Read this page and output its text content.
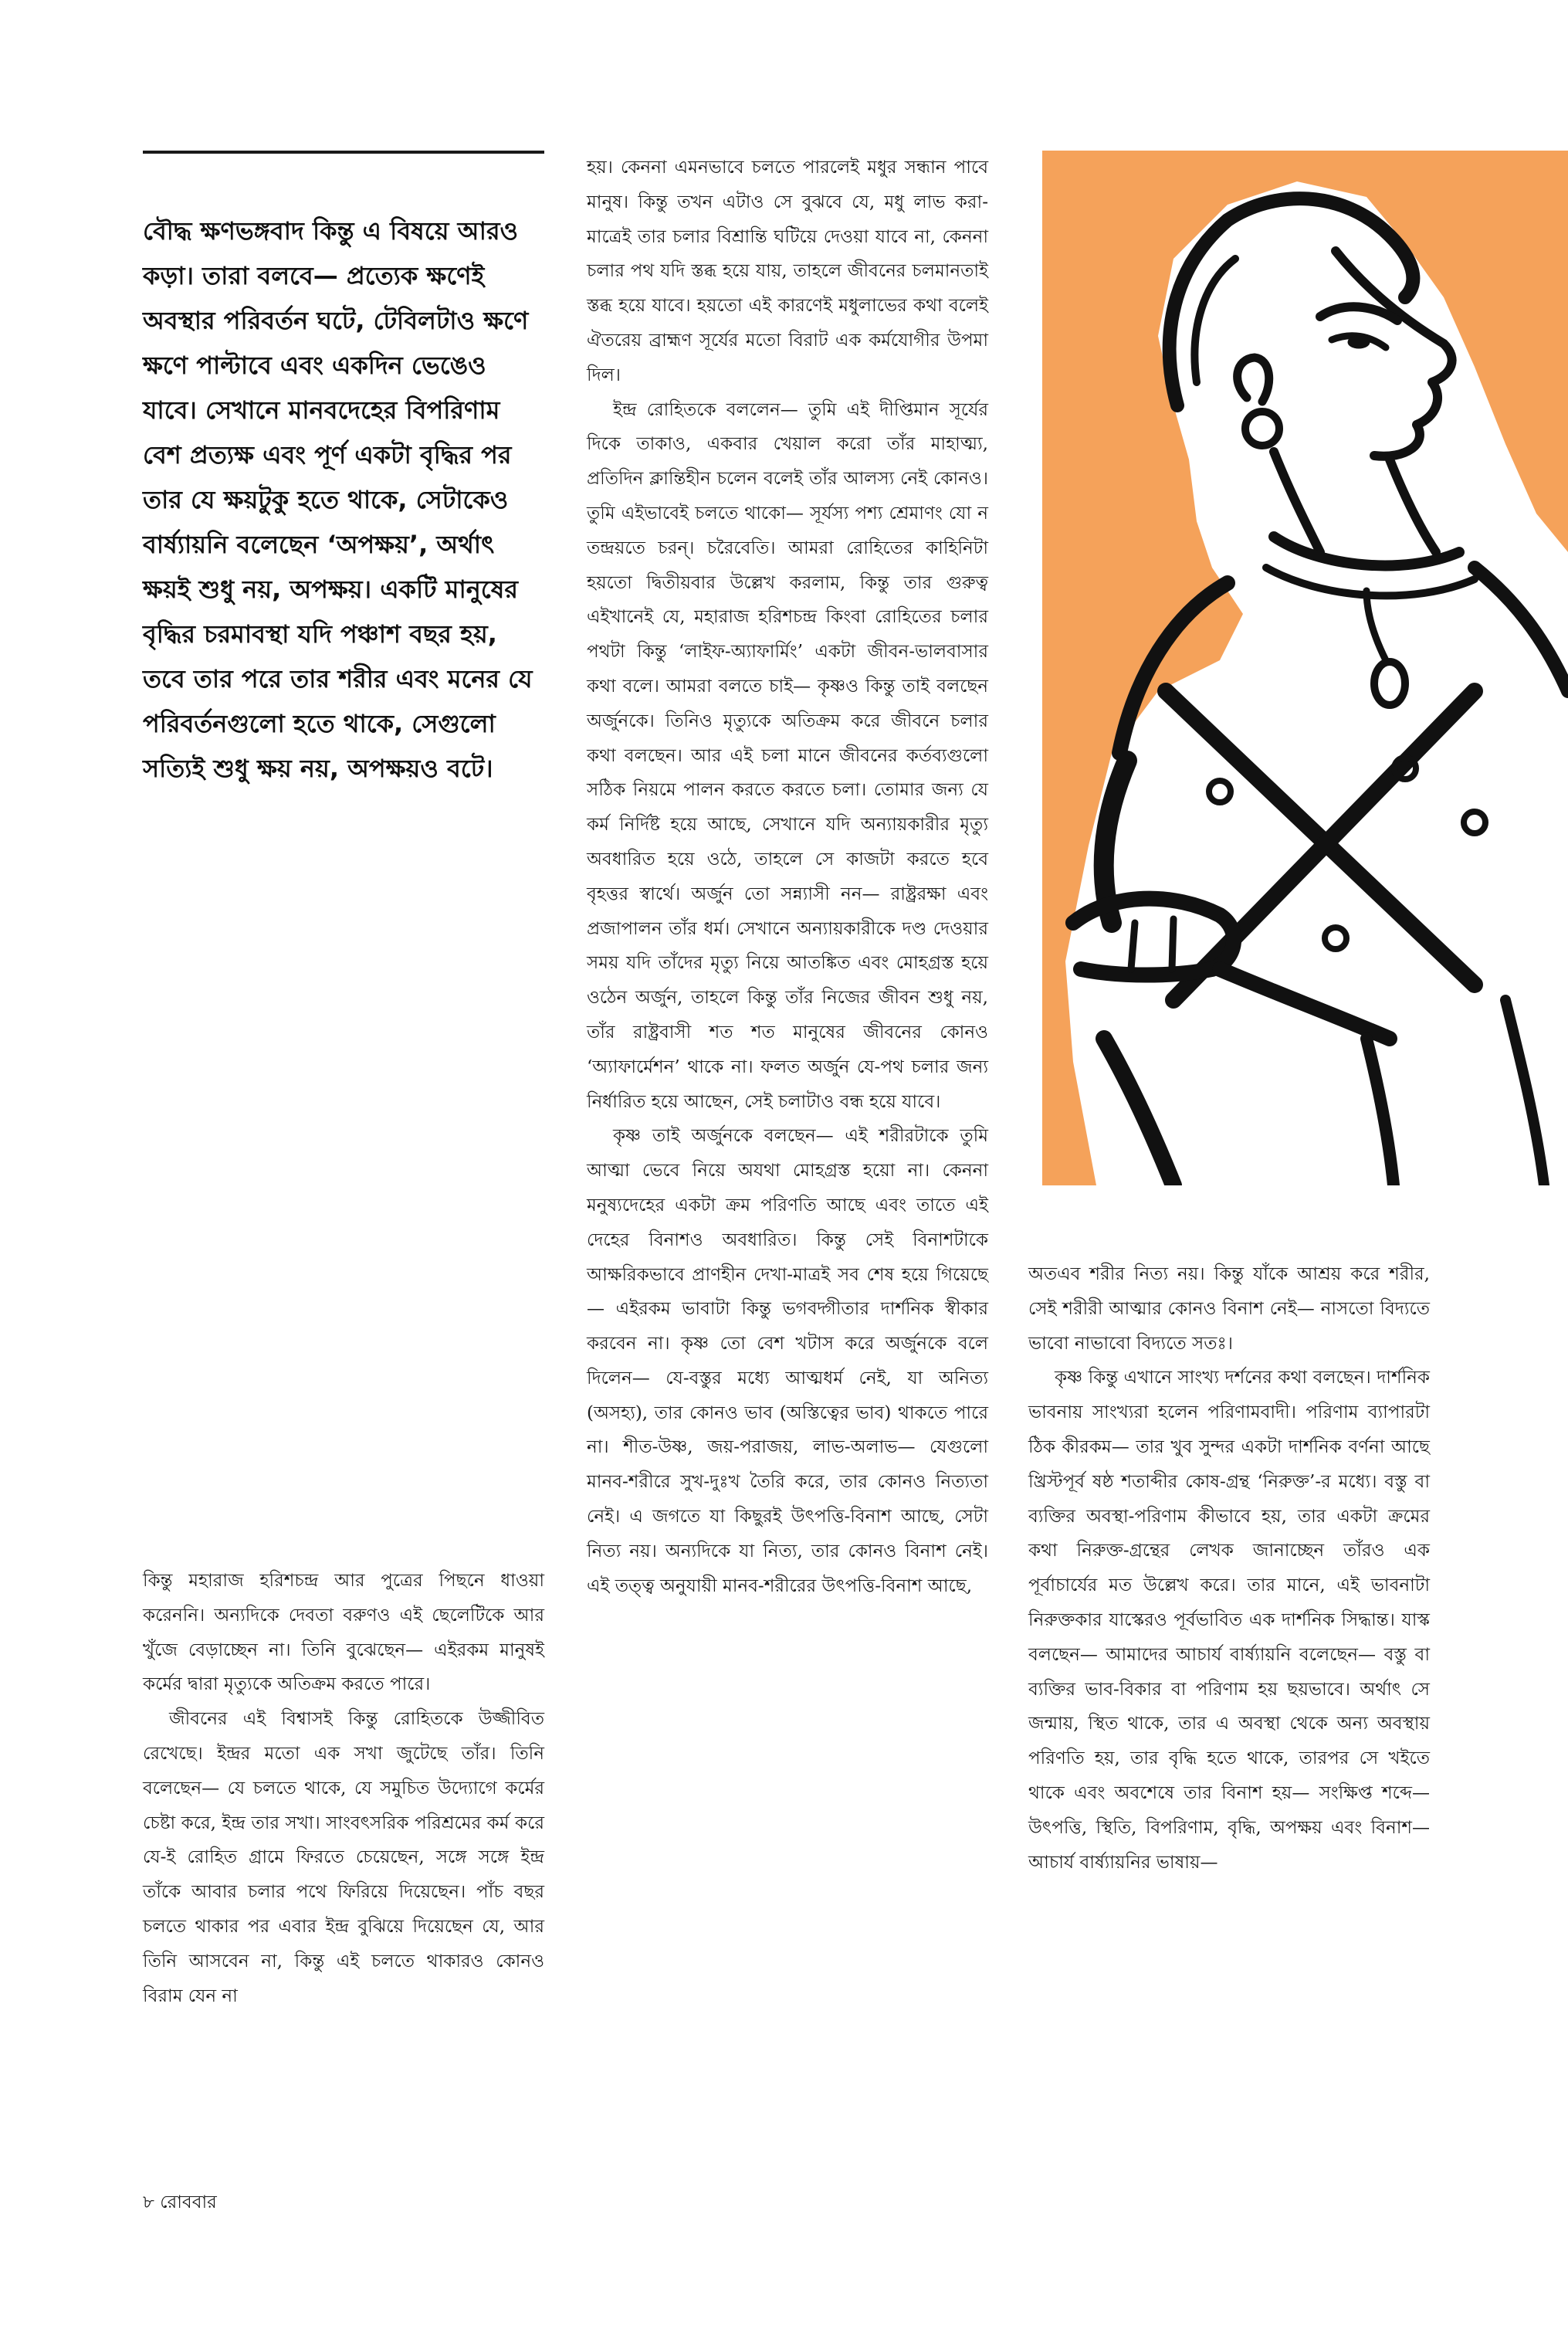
বৌদ্ধ ক্ষণভঙ্গবাদ কিন্তু এ বিষয়ে আরও কড়া। তারা বলবে— প্রত্যেক ক্ষণেই অবস্থার পরিবর্তন ঘটে, টেবিলটাও ক্ষণে ক্ষণে পাল্টাবে এবং একদিন ভেঙেও যাবে। সেখানে মানবদেহের বিপরিণাম বেশ প্রত্যক্ষ এবং পূর্ণ একটা বৃদ্ধির পর তার যে ক্ষয়টুকু হতে থাকে, সেটাকেও বার্ষ্যায়নি বলেছেন ‘অপক্ষয়’, অর্থাৎ ক্ষয়ই শুধু নয়, অপক্ষয়। একটি মানুষের বৃদ্ধির চরমাবস্থা যদি পঞ্চাশ বছর হয়, তবে তার পরে তার শরীর এবং মনের যে পরিবর্তনগুলো হতে থাকে, সেগুলো সত্যিই শুধু ক্ষয় নয়, অপক্ষয়ও বটে।

কিন্তু মহারাজ হরিশচন্দ্র আর পুত্রের পিছনে ধাওয়া করেননি। অন্যদিকে দেবতা বরুণও এই ছেলেটিকে আর খুঁজে বেড়াচ্ছেন না। তিনি বুঝেছেন— এইরকম মানুষই কর্মের দ্বারা মৃত্যুকে অতিক্রম করতে পারে।

জীবনের এই বিশ্বাসই কিন্তু রোহিতকে উজ্জীবিত রেখেছে। ইন্দ্রর মতো এক সখা জুটেছে তাঁর। তিনি বলেছেন— যে চলতে থাকে, যে সমুচিত উদ্যোগে কর্মের চেষ্টা করে, ইন্দ্র তার সখা। সাংবৎসরিক পরিশ্রমের কর্ম করে যে-ই রোহিত গ্রামে ফিরতে চেয়েছেন, সঙ্গে সঙ্গে ইন্দ্র তাঁকে আবার চলার পথে ফিরিয়ে দিয়েছেন। পাঁচ বছর চলতে থাকার পর এবার ইন্দ্র বুঝিয়ে দিয়েছেন যে, আর তিনি আসবেন না, কিন্তু এই চলতে থাকারও কোনও বিরাম যেন না

হয়। কেননা এমনভাবে চলতে পারলেই মধুর সন্ধান পাবে মানুষ। কিন্তু তখন এটাও সে বুঝবে যে, মধু লাভ করা-মাত্রেই তার চলার বিশ্রান্তি ঘটিয়ে দেওয়া যাবে না, কেননা চলার পথ যদি স্তব্ধ হয়ে যায়, তাহলে জীবনের চলমানতাই স্তব্ধ হয়ে যাবে। হয়তো এই কারণেই মধুলাভের কথা বলেই ঐতরেয় ব্রাহ্মণ সূর্যের মতো বিরাট এক কর্মযোগীর উপমা দিল।

ইন্দ্র রোহিতকে বললেন— তুমি এই দীপ্তিমান সূর্যের দিকে তাকাও, একবার খেয়াল করো তাঁর মাহাত্ম্য, প্রতিদিন ক্লান্তিহীন চলেন বলেই তাঁর আলস্য নেই কোনও। তুমি এইভাবেই চলতে থাকো— সূর্যস্য পশ্য শ্রেমাণং যো ন তন্দ্রয়তে চরন্। চরৈবেতি। আমরা রোহিতের কাহিনিটা হয়তো দ্বিতীয়বার উল্লেখ করলাম, কিন্তু তার গুরুত্ব এইখানেই যে, মহারাজ হরিশচন্দ্র কিংবা রোহিতের চলার পথটা কিন্তু ‘লাইফ-অ্যাফার্মিং’ একটা জীবন-ভালবাসার কথা বলে। আমরা বলতে চাই— কৃষ্ণও কিন্তু তাই বলছেন অর্জুনকে। তিনিও মৃত্যুকে অতিক্রম করে জীবনে চলার কথা বলছেন। আর এই চলা মানে জীবনের কর্তব্যগুলো সঠিক নিয়মে পালন করতে করতে চলা। তোমার জন্য যে কর্ম নির্দিষ্ট হয়ে আছে, সেখানে যদি অন্যায়কারীর মৃত্যু অবধারিত হয়ে ওঠে, তাহলে সে কাজটা করতে হবে বৃহত্তর স্বার্থে। অর্জুন তো সন্ন্যাসী নন— রাষ্ট্ররক্ষা এবং প্রজাপালন তাঁর ধর্ম। সেখানে অন্যায়কারীকে দণ্ড দেওয়ার সময় যদি তাঁদের মৃত্যু নিয়ে আতঙ্কিত এবং মোহগ্রস্ত হয়ে ওঠেন অর্জুন, তাহলে কিন্তু তাঁর নিজের জীবন শুধু নয়, তাঁর রাষ্ট্রবাসী শত শত মানুষের জীবনের কোনও ‘অ্যাফার্মেশন’ থাকে না। ফলত অর্জুন যে-পথ চলার জন্য নির্ধারিত হয়ে আছেন, সেই চলাটাও বন্ধ হয়ে যাবে।

কৃষ্ণ তাই অর্জুনকে বলছেন— এই শরীরটাকে তুমি আত্মা ভেবে নিয়ে অযথা মোহগ্রস্ত হয়ো না। কেননা মনুষ্যদেহের একটা ক্রম পরিণতি আছে এবং তাতে এই দেহের বিনাশও অবধারিত। কিন্তু সেই বিনাশটাকে আক্ষরিকভাবে প্রাণহীন দেখা-মাত্রই সব শেষ হয়ে গিয়েছে— এইরকম ভাবাটা কিন্তু ভগবদ্গীতার দার্শনিক স্বীকার করবেন না। কৃষ্ণ তো বেশ খটাস করে অর্জুনকে বলে দিলেন— যে-বস্তুর মধ্যে আত্মধর্ম নেই, যা অনিত্য (অসহ্য), তার কোনও ভাব (অস্তিত্বের ভাব) থাকতে পারে না। শীত-উষ্ণ, জয়-পরাজয়, লাভ-অলাভ— যেগুলো মানব-শরীরে সুখ-দুঃখ তৈরি করে, তার কোনও নিত্যতা নেই। এ জগতে যা কিছুরই উৎপত্তি-বিনাশ আছে, সেটা নিত্য নয়। অন্যদিকে যা নিত্য, তার কোনও বিনাশ নেই। এই তত্ত্ব অনুযায়ী মানব-শরীরের উৎপত্তি-বিনাশ আছে,

অতএব শরীর নিত্য নয়। কিন্তু যাঁকে আশ্রয় করে শরীর, সেই শরীরী আত্মার কোনও বিনাশ নেই— নাসতো বিদ্যতে ভাবো নাভাবো বিদ্যতে সতঃ।

কৃষ্ণ কিন্তু এখানে সাংখ্য দর্শনের কথা বলছেন। দার্শনিক ভাবনায় সাংখ্যরা হলেন পরিণামবাদী। পরিণাম ব্যাপারটা ঠিক কীরকম— তার খুব সুন্দর একটা দার্শনিক বর্ণনা আছে খ্রিস্টপূর্ব ষষ্ঠ শতাব্দীর কোষ-গ্রন্থ ‘নিরুক্ত’-র মধ্যে। বস্তু বা ব্যক্তির অবস্থা-পরিণাম কীভাবে হয়, তার একটা ক্রমের কথা নিরুক্ত-গ্রন্থের লেখক জানাচ্ছেন তাঁরও এক পূর্বাচার্যের মত উল্লেখ করে। তার মানে, এই ভাবনাটা নিরুক্তকার যাস্কেরও পূর্বভাবিত এক দার্শনিক সিদ্ধান্ত। যাস্ক বলছেন— আমাদের আচার্য বার্ষ্যায়নি বলেছেন— বস্তু বা ব্যক্তির ভাব-বিকার বা পরিণাম হয় ছয়ভাবে। অর্থাৎ সে জন্মায়, স্থিত থাকে, তার এ অবস্থা থেকে অন্য অবস্থায় পরিণতি হয়, তার বৃদ্ধি হতে থাকে, তারপর সে খইতে থাকে এবং অবশেষে তার বিনাশ হয়— সংক্ষিপ্ত শব্দে— উৎপত্তি, স্থিতি, বিপরিণাম, বৃদ্ধি, অপক্ষয় এবং বিনাশ— আচার্য বার্ষ্যায়নির ভাষায়—

৮ রোববার
